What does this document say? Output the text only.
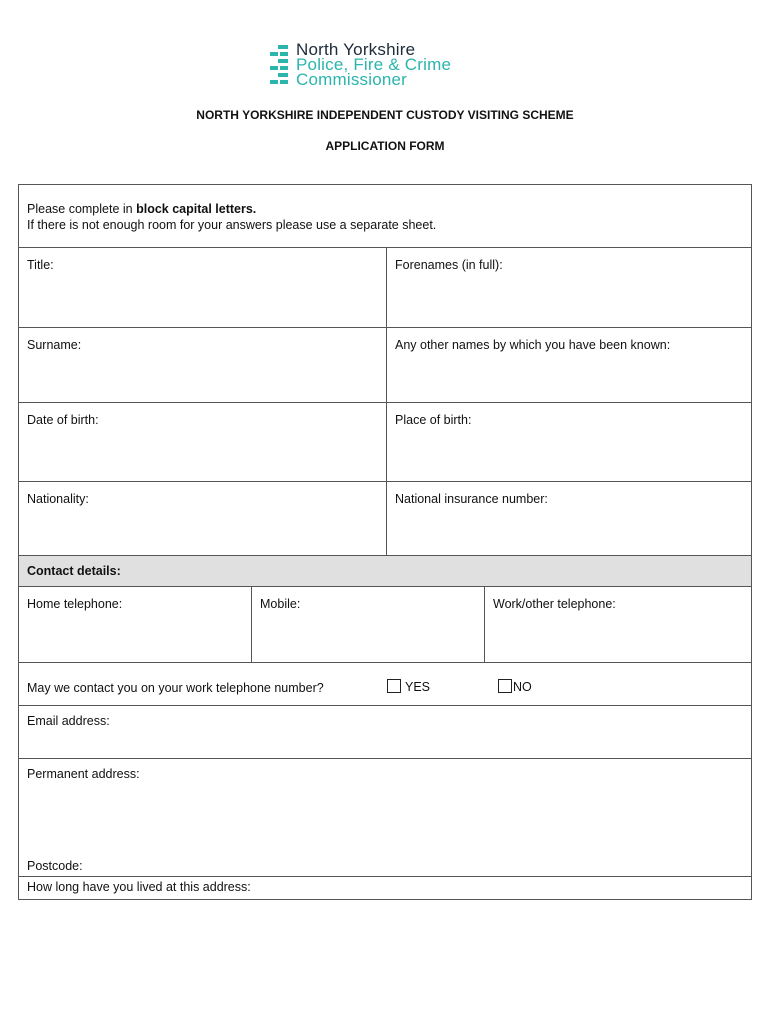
North Yorkshire
Police, Fire & Crime
Commissioner
NORTH YORKSHIRE INDEPENDENT CUSTODY VISITING SCHEME
APPLICATION FORM
Please complete in block capital letters.
If there is not enough room for your answers please use a separate sheet.
Title:	Forenames (in full):
Surname:	Any other names by which you have been known:
Date of birth:	Place of birth:
Nationality:	National insurance number:
Contact details:
Home telephone:	Mobile:	Work/other telephone:
May we contact you on your work telephone number?	YES	NO
Email address:
Permanent address:
Postcode:
How long have you lived at this address:
